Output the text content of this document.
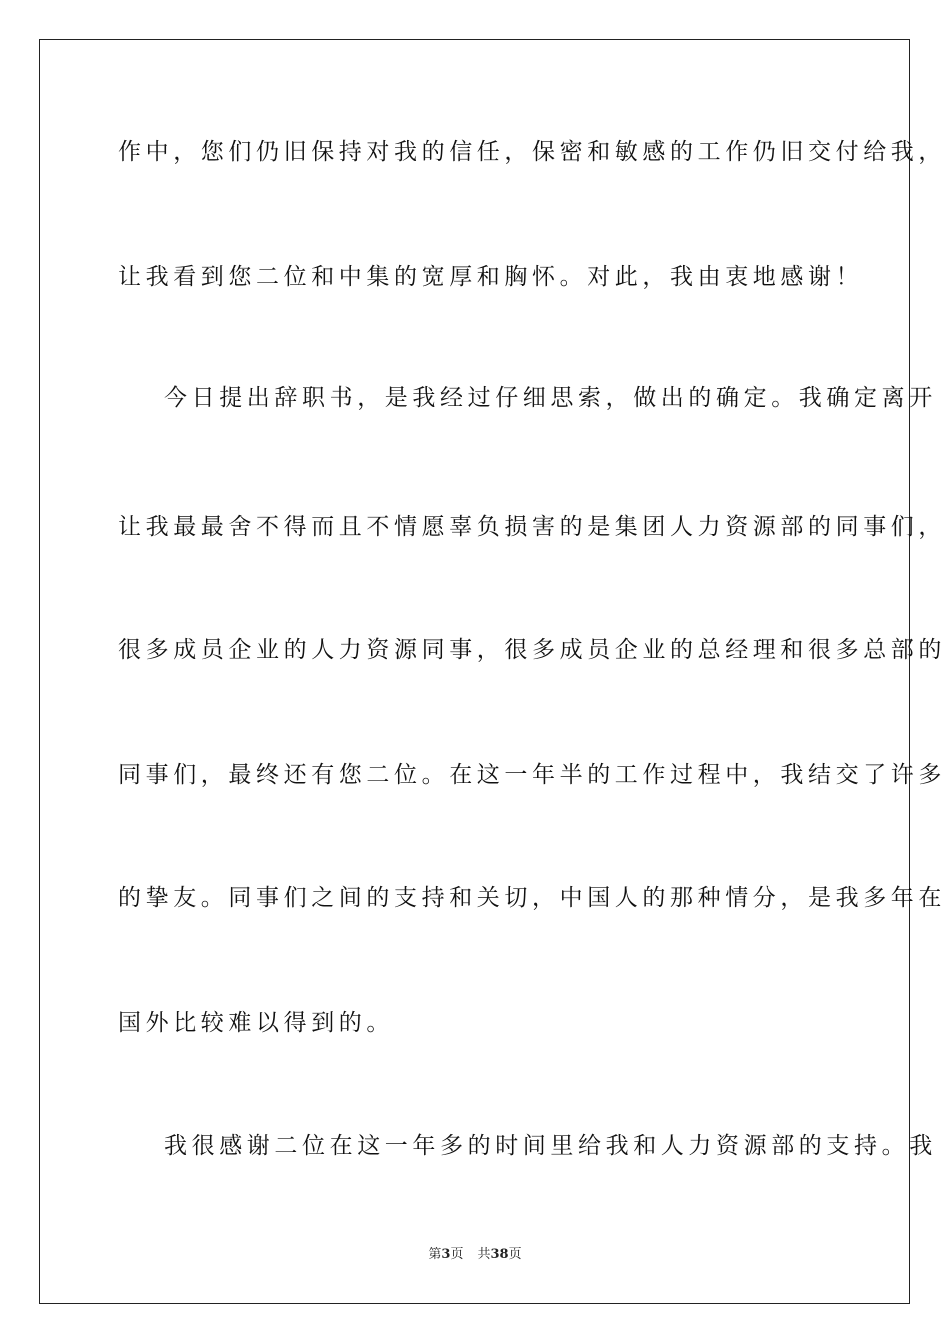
作中，您们仍旧保持对我的信任，保密和敏感的工作仍旧交付给我，
让我看到您二位和中集的宽厚和胸怀。对此，我由衷地感谢！
今日提出辞职书，是我经过仔细思索，做出的确定。我确定离开
让我最最舍不得而且不情愿辜负损害的是集团人力资源部的同事们，
很多成员企业的人力资源同事，很多成员企业的总经理和很多总部的
同事们，最终还有您二位。在这一年半的工作过程中，我结交了许多
的挚友。同事们之间的支持和关切，中国人的那种情分，是我多年在
国外比较难以得到的。
我很感谢二位在这一年多的时间里给我和人力资源部的支持。我
第3页 共38页
